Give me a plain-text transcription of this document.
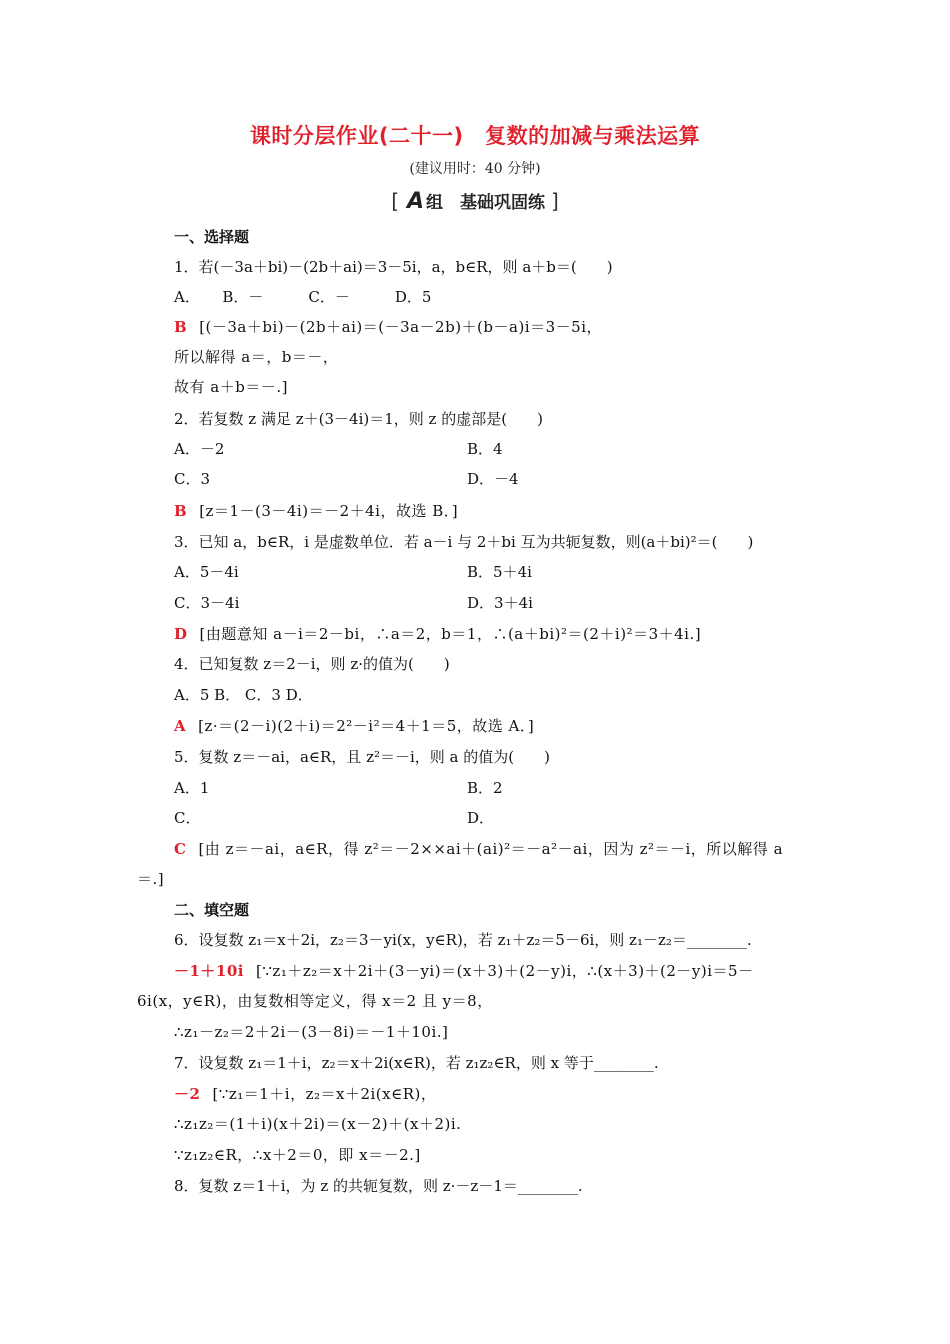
课时分层作业(二十一)　复数的加减与乘法运算
(建议用时：40 分钟)
[ A 组　基础巩固练 ]
一、选择题
1．若(－3a＋bi)－(2b＋ai)＝3－5i，a，b∈R，则 a＋b＝(　　)
A．　　B．－　　　C．－　　　D．5
B [(－3a＋bi)－(2b＋ai)＝(－3a－2b)＋(b－a)i＝3－5i，
所以解得 a＝，b＝－，
故有 a＋b＝－.]
2．若复数 z 满足 z＋(3－4i)＝1，则 z 的虚部是(　　)
A．－2	B．4
C．3	D．－4
B [z＝1－(3－4i)＝－2＋4i，故选 B．]
3．已知 a，b∈R，i 是虚数单位．若 a－i 与 2＋bi 互为共轭复数，则(a＋bi)²＝(　　)
A．5－4i	B．5＋4i
C．3－4i	D．3＋4i
D [由题意知 a－i＝2－bi，∴a＝2，b＝1，∴(a＋bi)²＝(2＋i)²＝3＋4i.]
4．已知复数 z＝2－i，则 z·的值为(　　)
A．5 B． C．3 D．
A [z·＝(2－i)(2＋i)＝2²－i²＝4＋1＝5，故选 A．]
5．复数 z＝－ai，a∈R，且 z²＝－i，则 a 的值为(　　)
A．1	B．2
C．	D．
C [由 z＝－ai，a∈R，得 z²＝－2××ai＋(ai)²＝－a²－ai，因为 z²＝－i，所以解得 a
＝.]
二、填空题
6．设复数 z₁＝x＋2i，z₂＝3－yi(x，y∈R)，若 z₁＋z₂＝5－6i，则 z₁－z₂＝________.
－1＋10i [∵z₁＋z₂＝x＋2i＋(3－yi)＝(x＋3)＋(2－y)i，∴(x＋3)＋(2－y)i＝5－
6i(x，y∈R)，由复数相等定义，得 x＝2 且 y＝8，
∴z₁－z₂＝2＋2i－(3－8i)＝－1＋10i.]
7．设复数 z₁＝1＋i，z₂＝x＋2i(x∈R)，若 z₁z₂∈R，则 x 等于________.
－2 [∵z₁＝1＋i，z₂＝x＋2i(x∈R)，
∴z₁z₂＝(1＋i)(x＋2i)＝(x－2)＋(x＋2)i.
∵z₁z₂∈R，∴x＋2＝0，即 x＝－2.]
8．复数 z＝1＋i，为 z 的共轭复数，则 z·－z－1＝________.
